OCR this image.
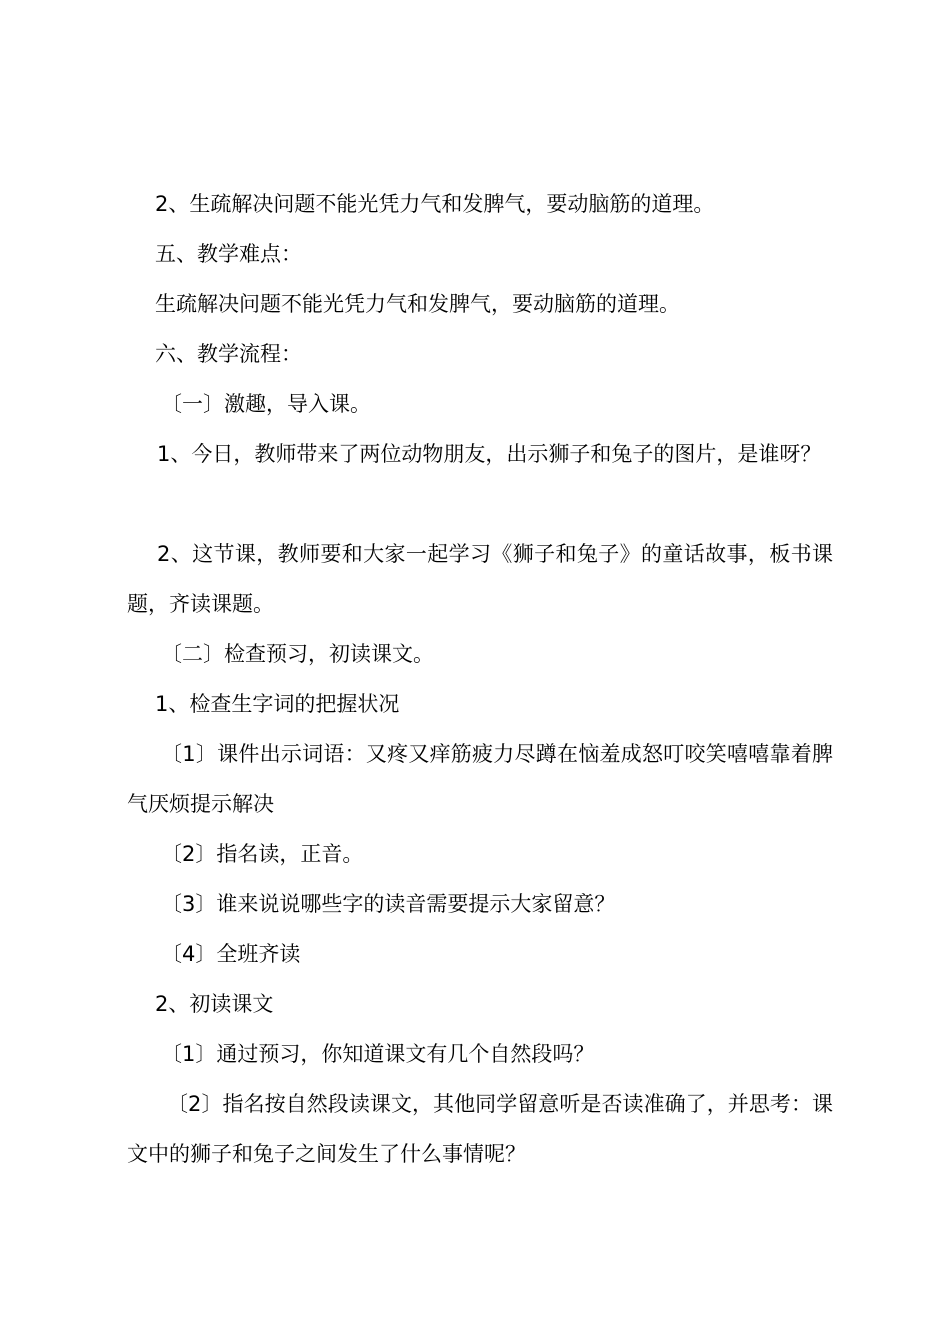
2、生疏解决问题不能光凭力气和发脾气，要动脑筋的道理。

五、教学难点：

生疏解决问题不能光凭力气和发脾气，要动脑筋的道理。

六、教学流程：

〔一〕激趣，导入课。

1、今日，教师带来了两位动物朋友，出示狮子和兔子的图片，是谁呀？

2、这节课，教师要和大家一起学习《狮子和兔子》的童话故事，板书课题，齐读课题。

〔二〕检查预习，初读课文。

1、检查生字词的把握状况

〔1〕课件出示词语：又疼又痒筋疲力尽蹲在恼羞成怒叮咬笑嘻嘻靠着脾气厌烦提示解决

〔2〕指名读，正音。

〔3〕谁来说说哪些字的读音需要提示大家留意？

〔4〕全班齐读

2、初读课文

〔1〕通过预习，你知道课文有几个自然段吗？

〔2〕指名按自然段读课文，其他同学留意听是否读准确了，并思考：课文中的狮子和兔子之间发生了什么事情呢？
